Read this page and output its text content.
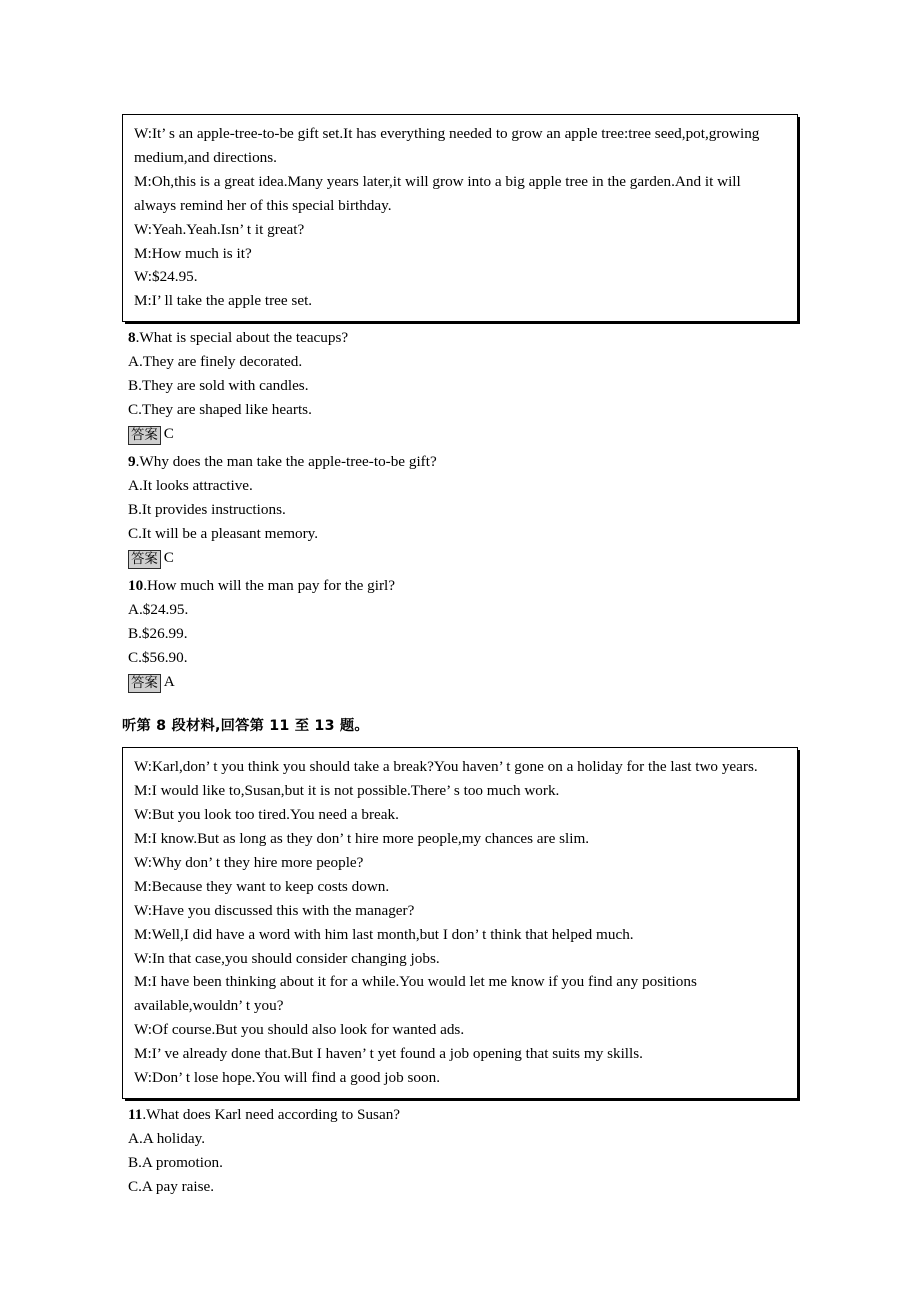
W:It’ s an apple-tree-to-be gift set.It has everything needed to grow an apple tree:tree seed,pot,growing medium,and directions.
M:Oh,this is a great idea.Many years later,it will grow into a big apple tree in the garden.And it will always remind her of this special birthday.
W:Yeah.Yeah.Isn’ t it great?
M:How much is it?
W:$24.95.
M:I’ ll take the apple tree set.
8.What is special about the teacups?
A.They are finely decorated.
B.They are sold with candles.
C.They are shaped like hearts.
答案 C
9.Why does the man take the apple-tree-to-be gift?
A.It looks attractive.
B.It provides instructions.
C.It will be a pleasant memory.
答案 C
10.How much will the man pay for the girl?
A.$24.95.
B.$26.99.
C.$56.90.
答案 A
听第 8 段材料,回答第 11 至 13 题。
W:Karl,don’ t you think you should take a break?You haven’ t gone on a holiday for the last two years.
M:I would like to,Susan,but it is not possible.There’ s too much work.
W:But you look too tired.You need a break.
M:I know.But as long as they don’ t hire more people,my chances are slim.
W:Why don’ t they hire more people?
M:Because they want to keep costs down.
W:Have you discussed this with the manager?
M:Well,I did have a word with him last month,but I don’ t think that helped much.
W:In that case,you should consider changing jobs.
M:I have been thinking about it for a while.You would let me know if you find any positions available,wouldn’ t you?
W:Of course.But you should also look for wanted ads.
M:I’ ve already done that.But I haven’ t yet found a job opening that suits my skills.
W:Don’ t lose hope.You will find a good job soon.
11.What does Karl need according to Susan?
A.A holiday.
B.A promotion.
C.A pay raise.
